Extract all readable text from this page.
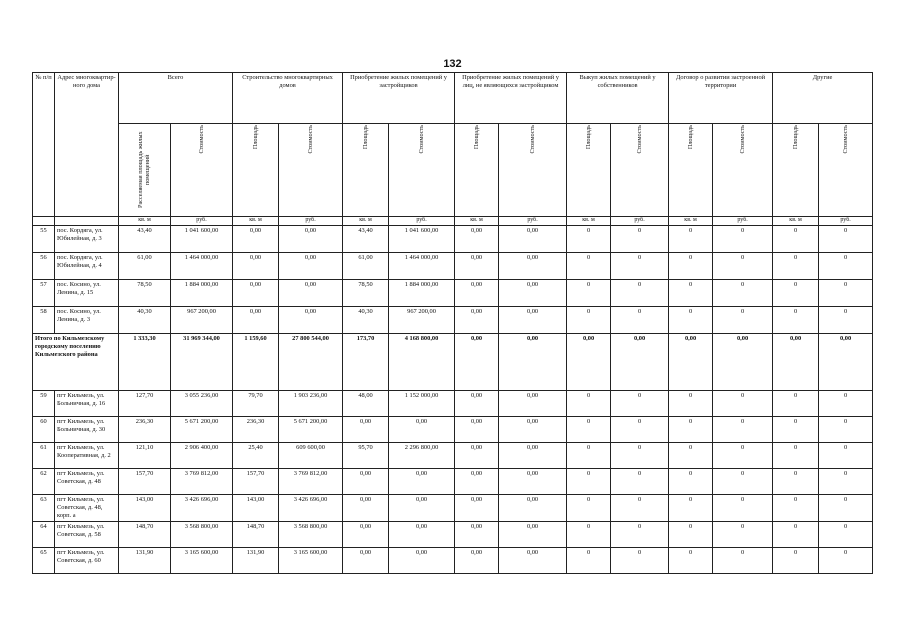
132
№ п/п	Адрес многоквартир-ного дома	Всего		Строительство многоквартирных домов		Приобретение жилых помещений у застройщиков		Приобретение жилых помещений у лиц, не являющихся застройщиком		Выкуп жилых помещений у собственников		Договор о развитии застроенной территории		Другие	

		Расселяемая площадь жилых помещений	Стоимость	Площадь	Стоимость	Площадь	Стоимость	Площадь	Стоимость	Площадь	Стоимость	Площадь	Стоимость	Площадь	Стоимость

		кв. м	руб.	кв. м	руб.	кв. м	руб.	кв. м	руб.	кв. м	руб.	кв. м	руб.	кв. м	руб.
55	пос. Кордяга, ул. Юбилейная, д. 3	43,40	1 041 600,00	0,00	0,00	43,40	1 041 600,00	0,00	0,00	0	0	0	0	0	0
56	пос. Кордяга, ул. Юбилейная, д. 4	61,00	1 464 000,00	0,00	0,00	61,00	1 464 000,00	0,00	0,00	0	0	0	0	0	0
57	пос. Косино, ул. Ленина, д. 15	78,50	1 884 000,00	0,00	0,00	78,50	1 884 000,00	0,00	0,00	0	0	0	0	0	0
58	пос. Косино, ул. Ленина, д. 3	40,30	967 200,00	0,00	0,00	40,30	967 200,00	0,00	0,00	0	0	0	0	0	0
Итого по Кильмезскому городскому поселению Кильмезского района		1 333,30	31 969 344,00	1 159,60	27 800 544,00	173,70	4 168 800,00	0,00	0,00	0,00	0,00	0,00	0,00	0,00	0,00
59	пгт Кильмезь, ул. Больничная, д. 16	127,70	3 055 236,00	79,70	1 903 236,00	48,00	1 152 000,00	0,00	0,00	0	0	0	0	0	0
60	пгт Кильмезь, ул. Больничная, д. 30	236,30	5 671 200,00	236,30	5 671 200,00	0,00	0,00	0,00	0,00	0	0	0	0	0	0
61	пгт Кильмезь, ул. Кооперативная, д. 2	121,10	2 906 400,00	25,40	609 600,00	95,70	2 296 800,00	0,00	0,00	0	0	0	0	0	0
62	пгт Кильмезь, ул. Советская, д. 48	157,70	3 769 812,00	157,70	3 769 812,00	0,00	0,00	0,00	0,00	0	0	0	0	0	0
63	пгт Кильмезь, ул. Советская, д. 48, корп. а	143,00	3 426 696,00	143,00	3 426 696,00	0,00	0,00	0,00	0,00	0	0	0	0	0	0
64	пгт Кильмезь, ул. Советская, д. 58	148,70	3 568 800,00	148,70	3 568 800,00	0,00	0,00	0,00	0,00	0	0	0	0	0	0
65	пгт Кильмезь, ул. Советская, д. 60	131,90	3 165 600,00	131,90	3 165 600,00	0,00	0,00	0,00	0,00	0	0	0	0	0	0
